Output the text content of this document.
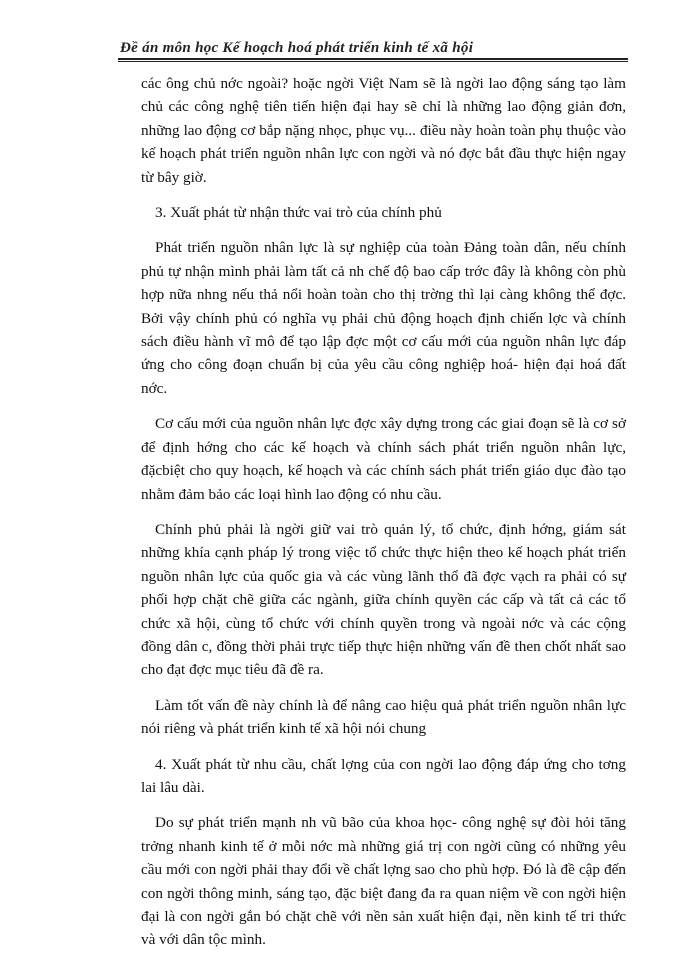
Đề án môn học Kế hoạch hoá phát triển kinh tế xã hội

các ông chủ nớc ngoài? hoặc ngời Việt Nam sẽ là ngời lao động sáng tạo làm chủ các công nghệ tiên tiến hiện đại hay sẽ chỉ là những lao động giản đơn, những lao động cơ bắp nặng nhọc, phục vụ... điều này hoàn toàn phụ thuộc vào kế hoạch phát triển nguồn nhân lực con ngời và nó đợc bắt đầu thực hiện ngay từ bây giờ.

3. Xuất phát từ nhận thức vai trò của chính phủ

Phát triển nguồn nhân lực là sự nghiệp của toàn Đảng toàn dân, nếu chính phủ tự nhận mình phải làm tất cả nh chế độ bao cấp trớc đây là không còn phù hợp nữa nhng nếu thả nổi hoàn toàn cho thị trờng thì lại càng không thể đợc. Bởi vậy chính phủ có nghĩa vụ phải chủ động hoạch định chiến lợc và chính sách điều hành vĩ mô để tạo lập đợc một cơ cấu mới của nguồn nhân lực đáp ứng cho công đoạn chuẩn bị của yêu cầu công nghiệp hoá- hiện đại hoá đất nớc.

Cơ cấu mới của nguồn nhân lực đợc xây dựng trong các giai đoạn sẽ là cơ sở để định hớng cho các kế hoạch và chính sách phát triển nguồn nhân lực, đặcbiệt cho quy hoạch, kế hoạch và các chính sách phát triển giáo dục đào tạo nhằm đảm bảo các loại hình lao động có nhu cầu.

Chính phủ phải là ngời giữ vai trò quản lý, tổ chức, định hớng, giám sát những khía cạnh pháp lý trong việc tổ chức thực hiện theo kế hoạch phát triển nguồn nhân lực của quốc gia và các vùng lãnh thổ đã đợc vạch ra phải có sự phối hợp chặt chẽ giữa các ngành, giữa chính quyền các cấp và tất cả các tổ chức xã hội, cùng tổ chức với chính quyền trong và ngoài nớc và các cộng đồng dân c, đồng thời phải trực tiếp thực hiện những vấn đề then chốt nhất sao cho đạt đợc mục tiêu đã đề ra.

Làm tốt vấn đề này chính là để nâng cao hiệu quả phát triển nguồn nhân lực nói riêng và phát triển kinh tế xã hội nói chung

4. Xuất phát từ nhu cầu, chất lợng của con ngời lao động đáp ứng cho tơng lai lâu dài.

Do sự phát triển mạnh nh vũ bão của khoa học- công nghệ sự đòi hỏi tăng trởng nhanh kinh tế ở mỗi nớc mà những giá trị con ngời cũng có những yêu cầu mới con ngời phải thay đổi về chất lợng sao cho phù hợp. Đó là đề cập đến con ngời thông minh, sáng tạo, đặc biệt đang đa ra quan niệm về con ngời hiện đại là con ngời gắn bó chặt chẽ với nền sản xuất hiện đại, nền kinh tế tri thức và với dân tộc mình.
